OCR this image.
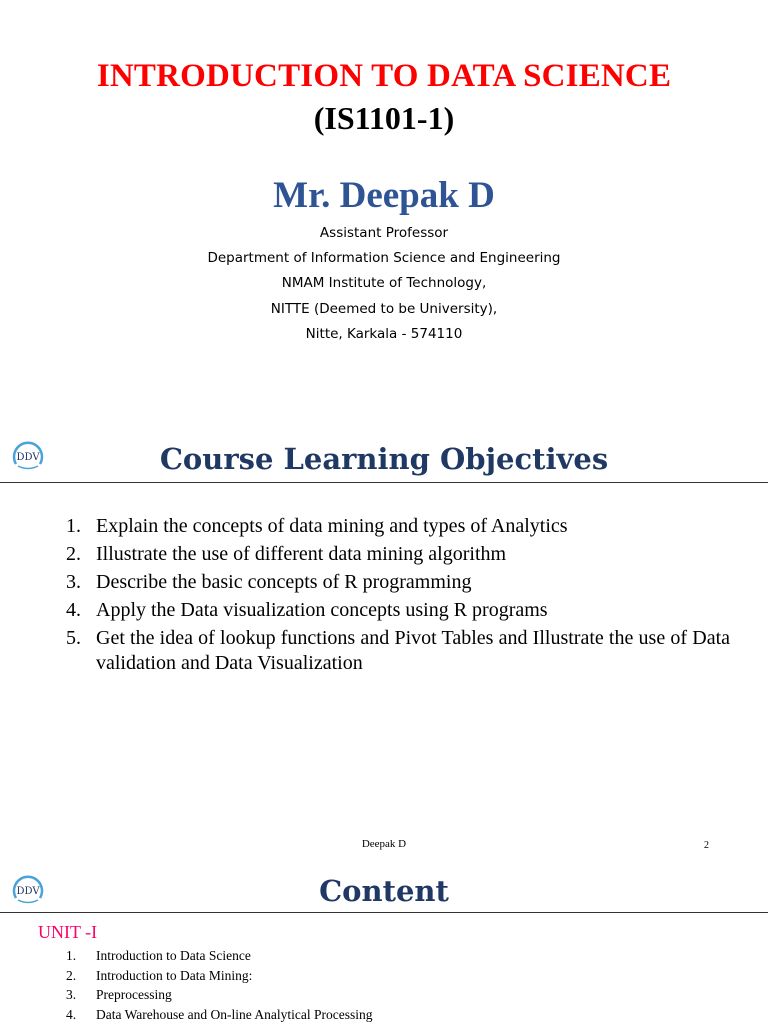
INTRODUCTION TO DATA SCIENCE
(IS1101-1)
Mr. Deepak D
Assistant Professor
Department of Information Science and Engineering
NMAM Institute of Technology,
NITTE (Deemed to be University),
Nitte, Karkala - 574110
DDV	Course Learning Objectives
1. Explain the concepts of data mining and types of Analytics
2. Illustrate the use of different data mining algorithm
3. Describe the basic concepts of R programming
4. Apply the Data visualization concepts using R programs
5. Get the idea of lookup functions and Pivot Tables and Illustrate the use of Data validation and Data Visualization
Deepak D	2
DDV	Content
UNIT -I
1.	Introduction to Data Science
2.	Introduction to Data Mining:
3.	Preprocessing
4.	Data Warehouse and On-line Analytical Processing
